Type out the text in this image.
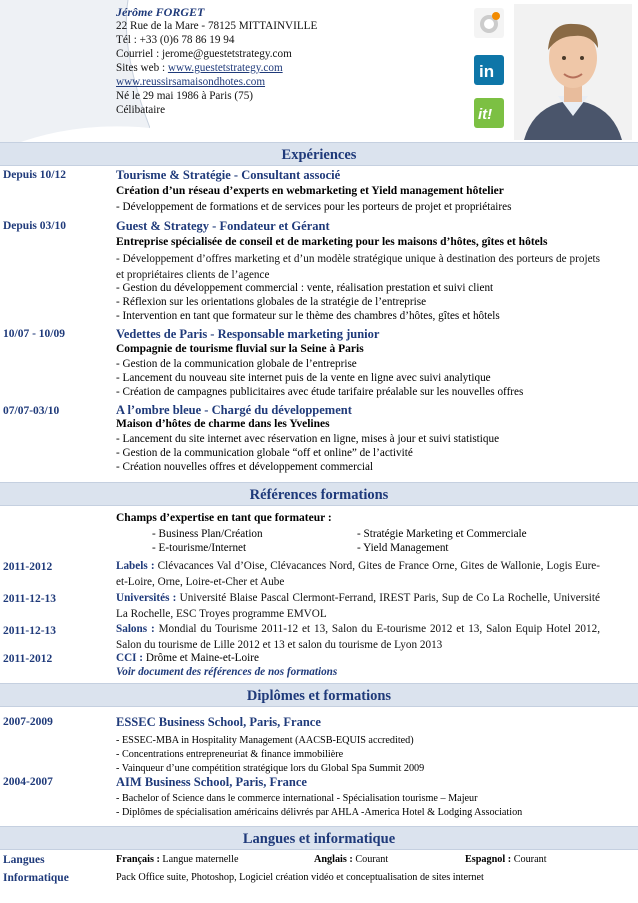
Jérôme FORGET
22 Rue de la Mare - 78125 MITTAINVILLE
Tél : +33 (0)6 78 86 19 94
Courriel : jerome@guestetstrategy.com
Sites web : www.guestetstrategy.com
www.reussirsamaisondhotes.com
Né le 29 mai 1986 à Paris (75)
Célibataire
in
it!
Expériences
Depuis 10/12	Tourisme & Stratégie - Consultant associé
Création d’un réseau d’experts en webmarketing et Yield management hôtelier
- Développement de formations et de services pour les porteurs de projet et propriétaires
Depuis 03/10	Guest & Strategy - Fondateur et Gérant
Entreprise spécialisée de conseil et de marketing pour les maisons d’hôtes, gîtes et hôtels
- Développement d’offres marketing et d’un modèle stratégique unique à destination des porteurs de projets et propriétaires clients de l’agence
- Gestion du développement commercial : vente, réalisation prestation et suivi client
- Réflexion sur les orientations globales de la stratégie de l’entreprise
- Intervention en tant que formateur sur le thème des chambres d’hôtes, gîtes et hôtels
10/07 - 10/09	Vedettes de Paris - Responsable marketing junior
Compagnie de tourisme fluvial sur la Seine à Paris
- Gestion de la communication globale de l’entreprise
- Lancement du nouveau site internet puis de la vente en ligne avec suivi analytique
- Création de campagnes publicitaires avec étude tarifaire préalable sur les nouvelles offres
07/07-03/10	A l’ombre bleue - Chargé du développement
Maison d’hôtes de charme dans les Yvelines
- Lancement du site internet avec réservation en ligne, mises à jour et suivi statistique
- Gestion de la communication globale “off et online” de l’activité
- Création nouvelles offres et développement commercial
Références formations
Champs d’expertise en tant que formateur :
- Business Plan/Création	- Stratégie Marketing et Commerciale
- E-tourisme/Internet	- Yield Management
2011-2012	Labels : Clévacances Val d’Oise, Clévacances Nord, Gites de France Orne, Gites de Wallonie, Logis Eure-et-Loire, Orne, Loire-et-Cher et Aube
2011-12-13	Universités : Université Blaise Pascal Clermont-Ferrand, IREST Paris, Sup de Co La Rochelle, Université La Rochelle, ESC Troyes programme EMVOL
2011-12-13	Salons : Mondial du Tourisme 2011-12 et 13, Salon du E-tourisme 2012 et 13, Salon Equip Hotel 2012, Salon du tourisme de Lille 2012 et 13 et salon du tourisme de Lyon 2013
2011-2012	CCI : Drôme et Maine-et-Loire
Voir document des références de nos formations
Diplômes et formations
2007-2009	ESSEC Business School, Paris, France
- ESSEC-MBA in Hospitality Management (AACSB-EQUIS accredited)
- Concentrations entrepreneuriat & finance immobilière
- Vainqueur d’une compétition stratégique lors du Global Spa Summit 2009
2004-2007	AIM Business School, Paris, France
- Bachelor of Science dans le commerce international - Spécialisation tourisme – Majeur
- Diplômes de spécialisation américains délivrés par AHLA -America Hotel & Lodging Association
Langues et informatique
Langues	Français : Langue maternelle	Anglais : Courant	Espagnol : Courant
Informatique	Pack Office suite, Photoshop, Logiciel création vidéo et conceptualisation de sites internet
